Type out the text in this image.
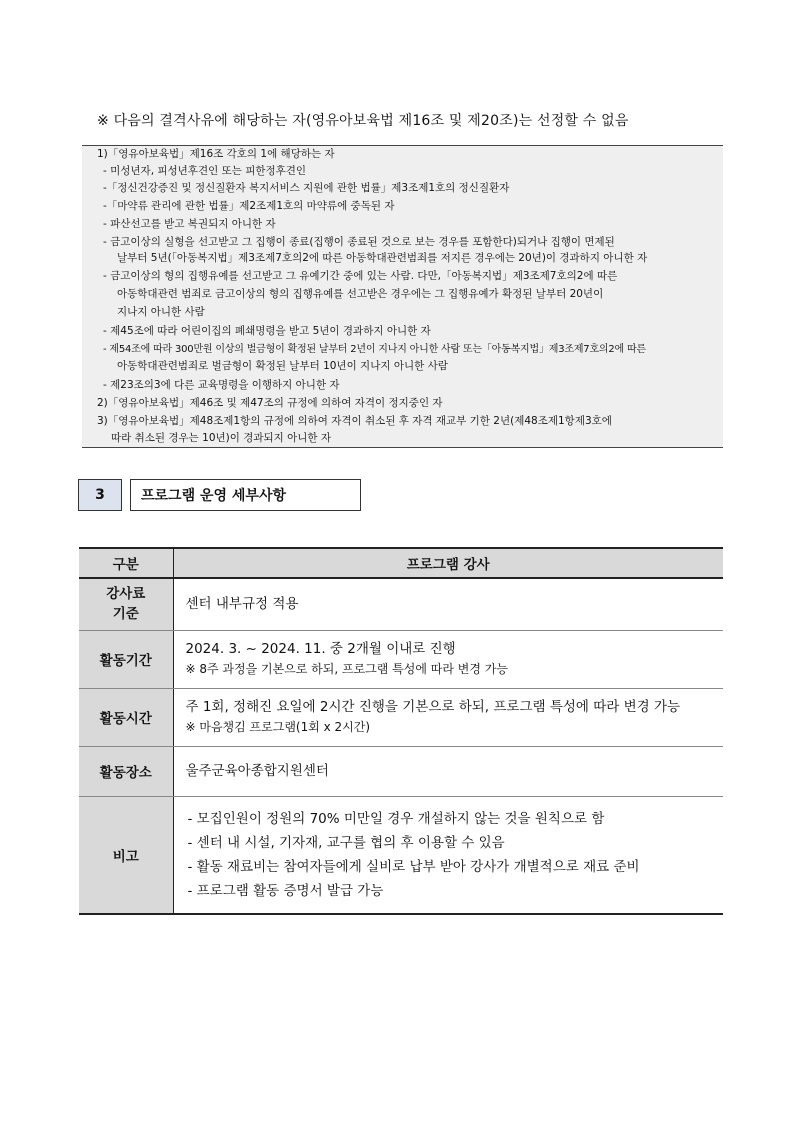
※ 다음의 결격사유에 해당하는 자(영유아보육법 제16조 및 제20조)는 선정할 수 없음
1)「영유아보육법」제16조 각호의 1에 해당하는 자
- 미성년자, 피성년후견인 또는 피한정후견인
-「정신건강증진 및 정신질환자 복지서비스 지원에 관한 법률」제3조제1호의 정신질환자
-「마약류 관리에 관한 법률」제2조제1호의 마약류에 중독된 자
- 파산선고를 받고 복권되지 아니한 자
- 금고이상의 실형을 선고받고 그 집행이 종료(집행이 종료된 것으로 보는 경우를 포함한다)되거나 집행이 면제된
날부터 5년(「아동복지법」제3조제7호의2에 따른 아동학대관련범죄를 저지른 경우에는 20년)이 경과하지 아니한 자
- 금고이상의 형의 집행유예를 선고받고 그 유예기간 중에 있는 사람. 다만,「아동복지법」제3조제7호의2에 따른
아동학대관련 범죄로 금고이상의 형의 집행유예를 선고받은 경우에는 그 집행유예가 확정된 날부터 20년이
지나지 아니한 사람
- 제45조에 따라 어린이집의 폐쇄명령을 받고 5년이 경과하지 아니한 자
- 제54조에 따라 300만원 이상의 벌금형이 확정된 날부터 2년이 지나지 아니한 사람 또는「아동복지법」제3조제7호의2에 따른
아동학대관련범죄로 벌금형이 확정된 날부터 10년이 지나지 아니한 사람
- 제23조의3에 다른 교육명령을 이행하지 아니한 자
2)「영유아보육법」제46조 및 제47조의 규정에 의하여 자격이 정지중인 자
3)「영유아보육법」제48조제1항의 규정에 의하여 자격이 취소된 후 자격 재교부 기한 2년(제48조제1항제3호에
따라 취소된 경우는 10년)이 경과되지 아니한 자
3	프로그램 운영 세부사항
구분	프로그램 강사

강사료
기준	센터 내부규정 적용
활동기간	2024. 3. ~ 2024. 11. 중 2개월 이내로 진행
※ 8주 과정을 기본으로 하되, 프로그램 특성에 따라 변경 가능

활동시간	주 1회, 정해진 요일에 2시간 진행을 기본으로 하되, 프로그램 특성에 따라 변경 가능
※ 마음챙김 프로그램(1회 x 2시간)

활동장소	울주군육아종합지원센터
비고	- 모집인원이 정원의 70% 미만일 경우 개설하지 않는 것을 원칙으로 함
- 센터 내 시설, 기자재, 교구를 협의 후 이용할 수 있음
- 활동 재료비는 참여자들에게 실비로 납부 받아 강사가 개별적으로 재료 준비
- 프로그램 활동 증명서 발급 가능
